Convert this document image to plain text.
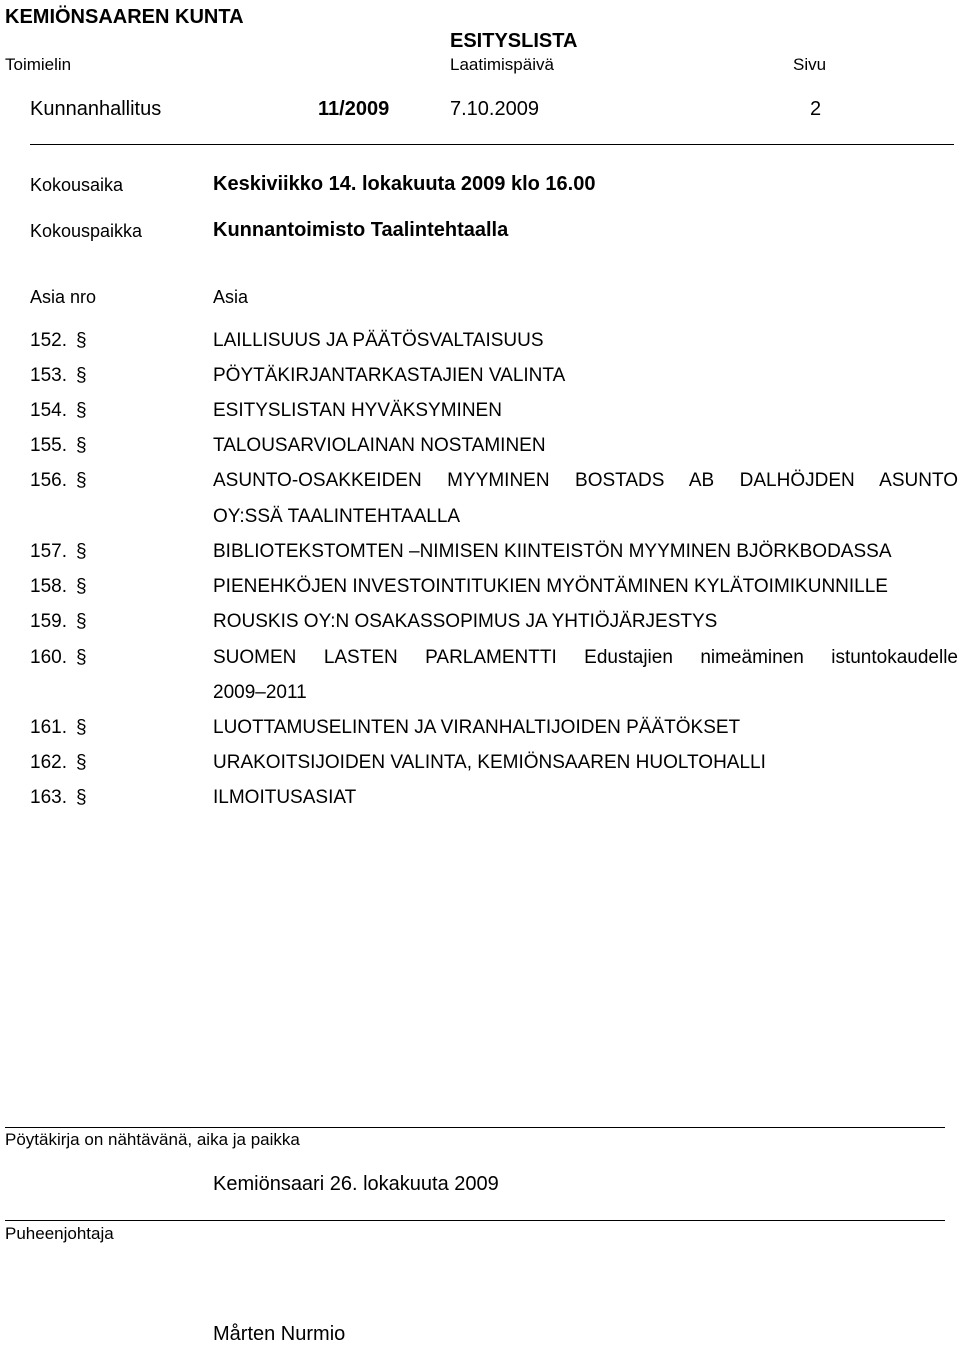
KEMIÖNSAAREN KUNTA
ESITYSLISTA
Toimielin	Laatimispäivä	Sivu
Kunnanhallitus	11/2009	7.10.2009	2
Kokousaika	Keskiviikko 14. lokakuuta 2009 klo 16.00
Kokouspaikka	Kunnantoimisto Taalintehtaalla
Asia nro	Asia
152. §	LAILLISUUS JA PÄÄTÖSVALTAISUUS
153. §	PÖYTÄKIRJANTARKASTAJIEN VALINTA
154. §	ESITYSLISTAN HYVÄKSYMINEN
155. §	TALOUSARVIOLAINAN NOSTAMINEN
156. §	ASUNTO-OSAKKEIDEN MYYMINEN BOSTADS AB DALHÖJDEN ASUNTO
OY:SSÄ TAALINTEHTAALLA
157. §	BIBLIOTEKSTOMTEN –NIMISEN KIINTEISTÖN MYYMINEN BJÖRKBODASSA
158. §	PIENEHKÖJEN INVESTOINTITUKIEN MYÖNTÄMINEN KYLÄTOIMIKUNNILLE
159. §	ROUSKIS OY:N OSAKASSOPIMUS JA YHTIÖJÄRJESTYS
160. §	SUOMEN LASTEN PARLAMENTTI Edustajien nimeäminen istuntokaudelle
2009–2011
161. §	LUOTTAMUSELINTEN JA VIRANHALTIJOIDEN PÄÄTÖKSET
162. §	URAKOITSIJOIDEN VALINTA, KEMIÖNSAAREN HUOLTOHALLI
163. §	ILMOITUSASIAT
Pöytäkirja on nähtävänä, aika ja paikka
Kemiönsaari 26. lokakuuta 2009
Puheenjohtaja
Mårten Nurmio
